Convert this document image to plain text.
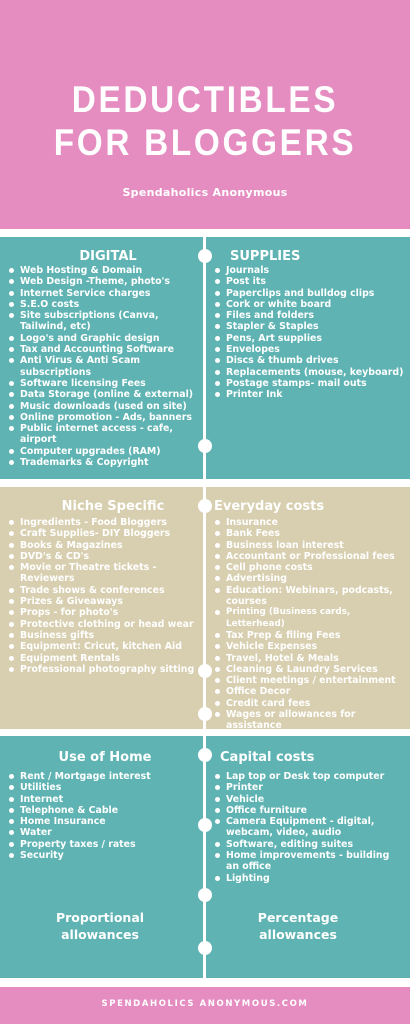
DEDUCTIBLES
FOR BLOGGERS
Spendaholics Anonymous
DIGITAL
Web Hosting & Domain
Web Design -Theme, photo's
Internet Service charges
S.E.O costs
Site subscriptions (Canva, Tailwind, etc)
Logo's and Graphic design
Tax and Accounting Software
Anti Virus & Anti Scam subscriptions
Software licensing Fees
Data Storage (online & external)
Music downloads (used on site)
Online promotion - Ads, banners
Public internet access - cafe, airport
Computer upgrades (RAM)
Trademarks & Copyright
SUPPLIES
Journals
Post its
Paperclips and bulldog clips
Cork or white board
Files and folders
Stapler & Staples
Pens, Art supplies
Envelopes
Discs & thumb drives
Replacements (mouse, keyboard)
Postage stamps- mail outs
Printer Ink
Niche Specific
Ingredients - Food Bloggers
Craft Supplies- DIY Bloggers
Books & Magazines
DVD's & CD's
Movie or Theatre tickets - Reviewers
Trade shows & conferences
Prizes & Giveaways
Props - for photo's
Protective clothing or head wear
Business gifts
Equipment: Cricut, kitchen Aid
Equipment Rentals
Professional photography sitting
Everyday costs
Insurance
Bank Fees
Business loan interest
Accountant or Professional fees
Cell phone costs
Advertising
Education: Webinars, podcasts, courses
Printing (Business cards, Letterhead)
Tax Prep & filing Fees
Vehicle Expenses
Travel, Hotel & Meals
Cleaning & Laundry Services
Client meetings / entertainment
Office Decor
Credit card fees
Wages or allowances for assistance
Use of Home
Rent / Mortgage interest
Utilities
Internet
Telephone & Cable
Home Insurance
Water
Property taxes / rates
Security
Proportional
allowances
Capital costs
Lap top or Desk top computer
Printer
Vehicle
Office furniture
Camera Equipment - digital, webcam, video, audio
Software, editing suites
Home improvements - building an office
Lighting
Percentage
allowances
SPENDAHOLICS ANONYMOUS.COM
